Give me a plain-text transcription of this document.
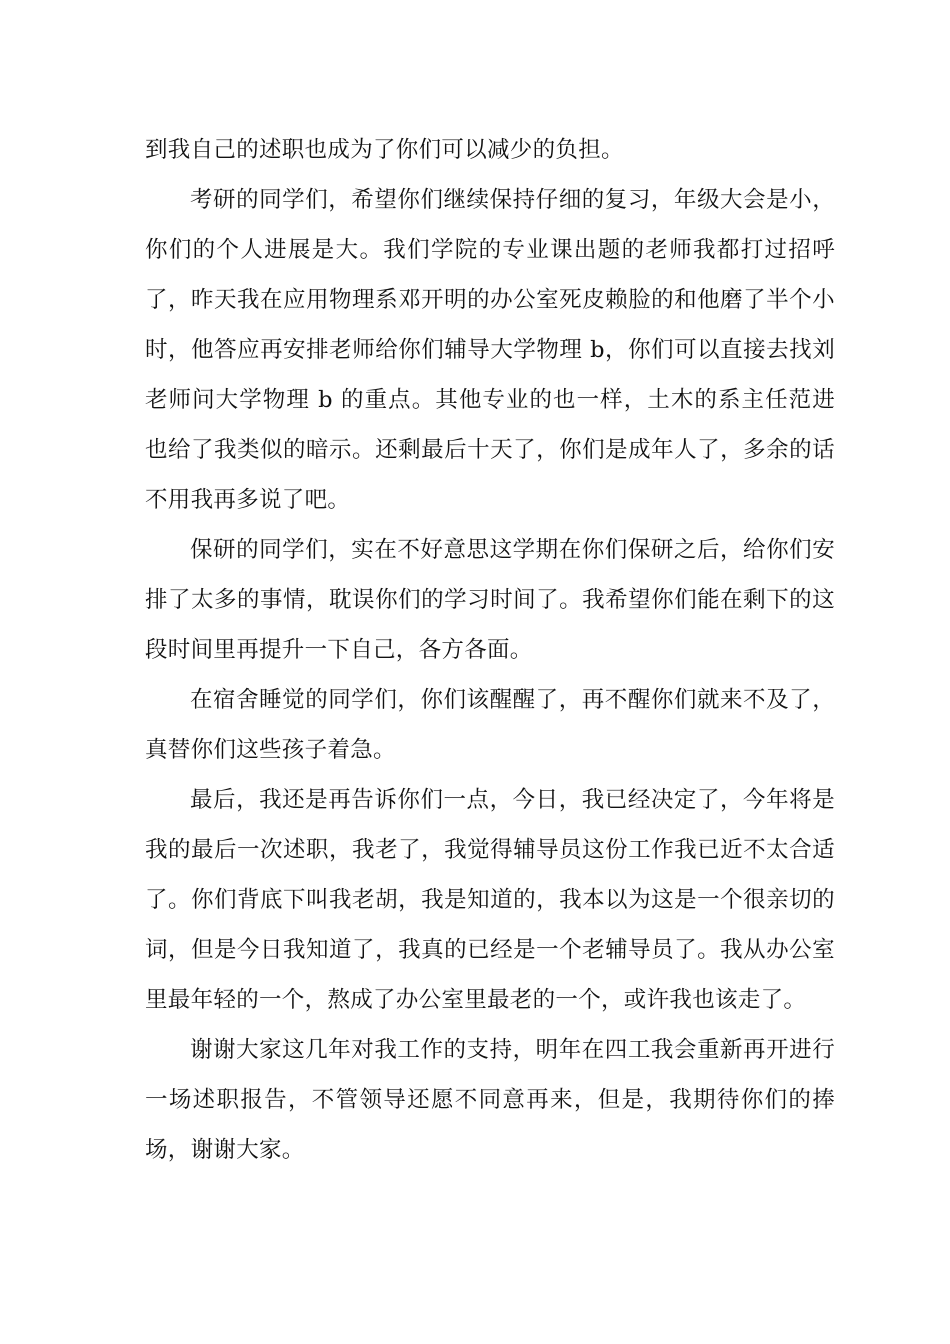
到我自己的述职也成为了你们可以减少的负担。

考研的同学们，希望你们继续保持仔细的复习，年级大会是小，你们的个人进展是大。我们学院的专业课出题的老师我都打过招呼了，昨天我在应用物理系邓开明的办公室死皮赖脸的和他磨了半个小时，他答应再安排老师给你们辅导大学物理 b，你们可以直接去找刘老师问大学物理 b 的重点。其他专业的也一样，土木的系主任范进也给了我类似的暗示。还剩最后十天了，你们是成年人了，多余的话不用我再多说了吧。

保研的同学们，实在不好意思这学期在你们保研之后，给你们安排了太多的事情，耽误你们的学习时间了。我希望你们能在剩下的这段时间里再提升一下自己，各方各面。

在宿舍睡觉的同学们，你们该醒醒了，再不醒你们就来不及了，真替你们这些孩子着急。

最后，我还是再告诉你们一点，今日，我已经决定了，今年将是我的最后一次述职，我老了，我觉得辅导员这份工作我已近不太合适了。你们背底下叫我老胡，我是知道的，我本以为这是一个很亲切的词，但是今日我知道了，我真的已经是一个老辅导员了。我从办公室里最年轻的一个，熬成了办公室里最老的一个，或许我也该走了。

谢谢大家这几年对我工作的支持，明年在四工我会重新再开进行一场述职报告，不管领导还愿不同意再来，但是，我期待你们的捧场，谢谢大家。
